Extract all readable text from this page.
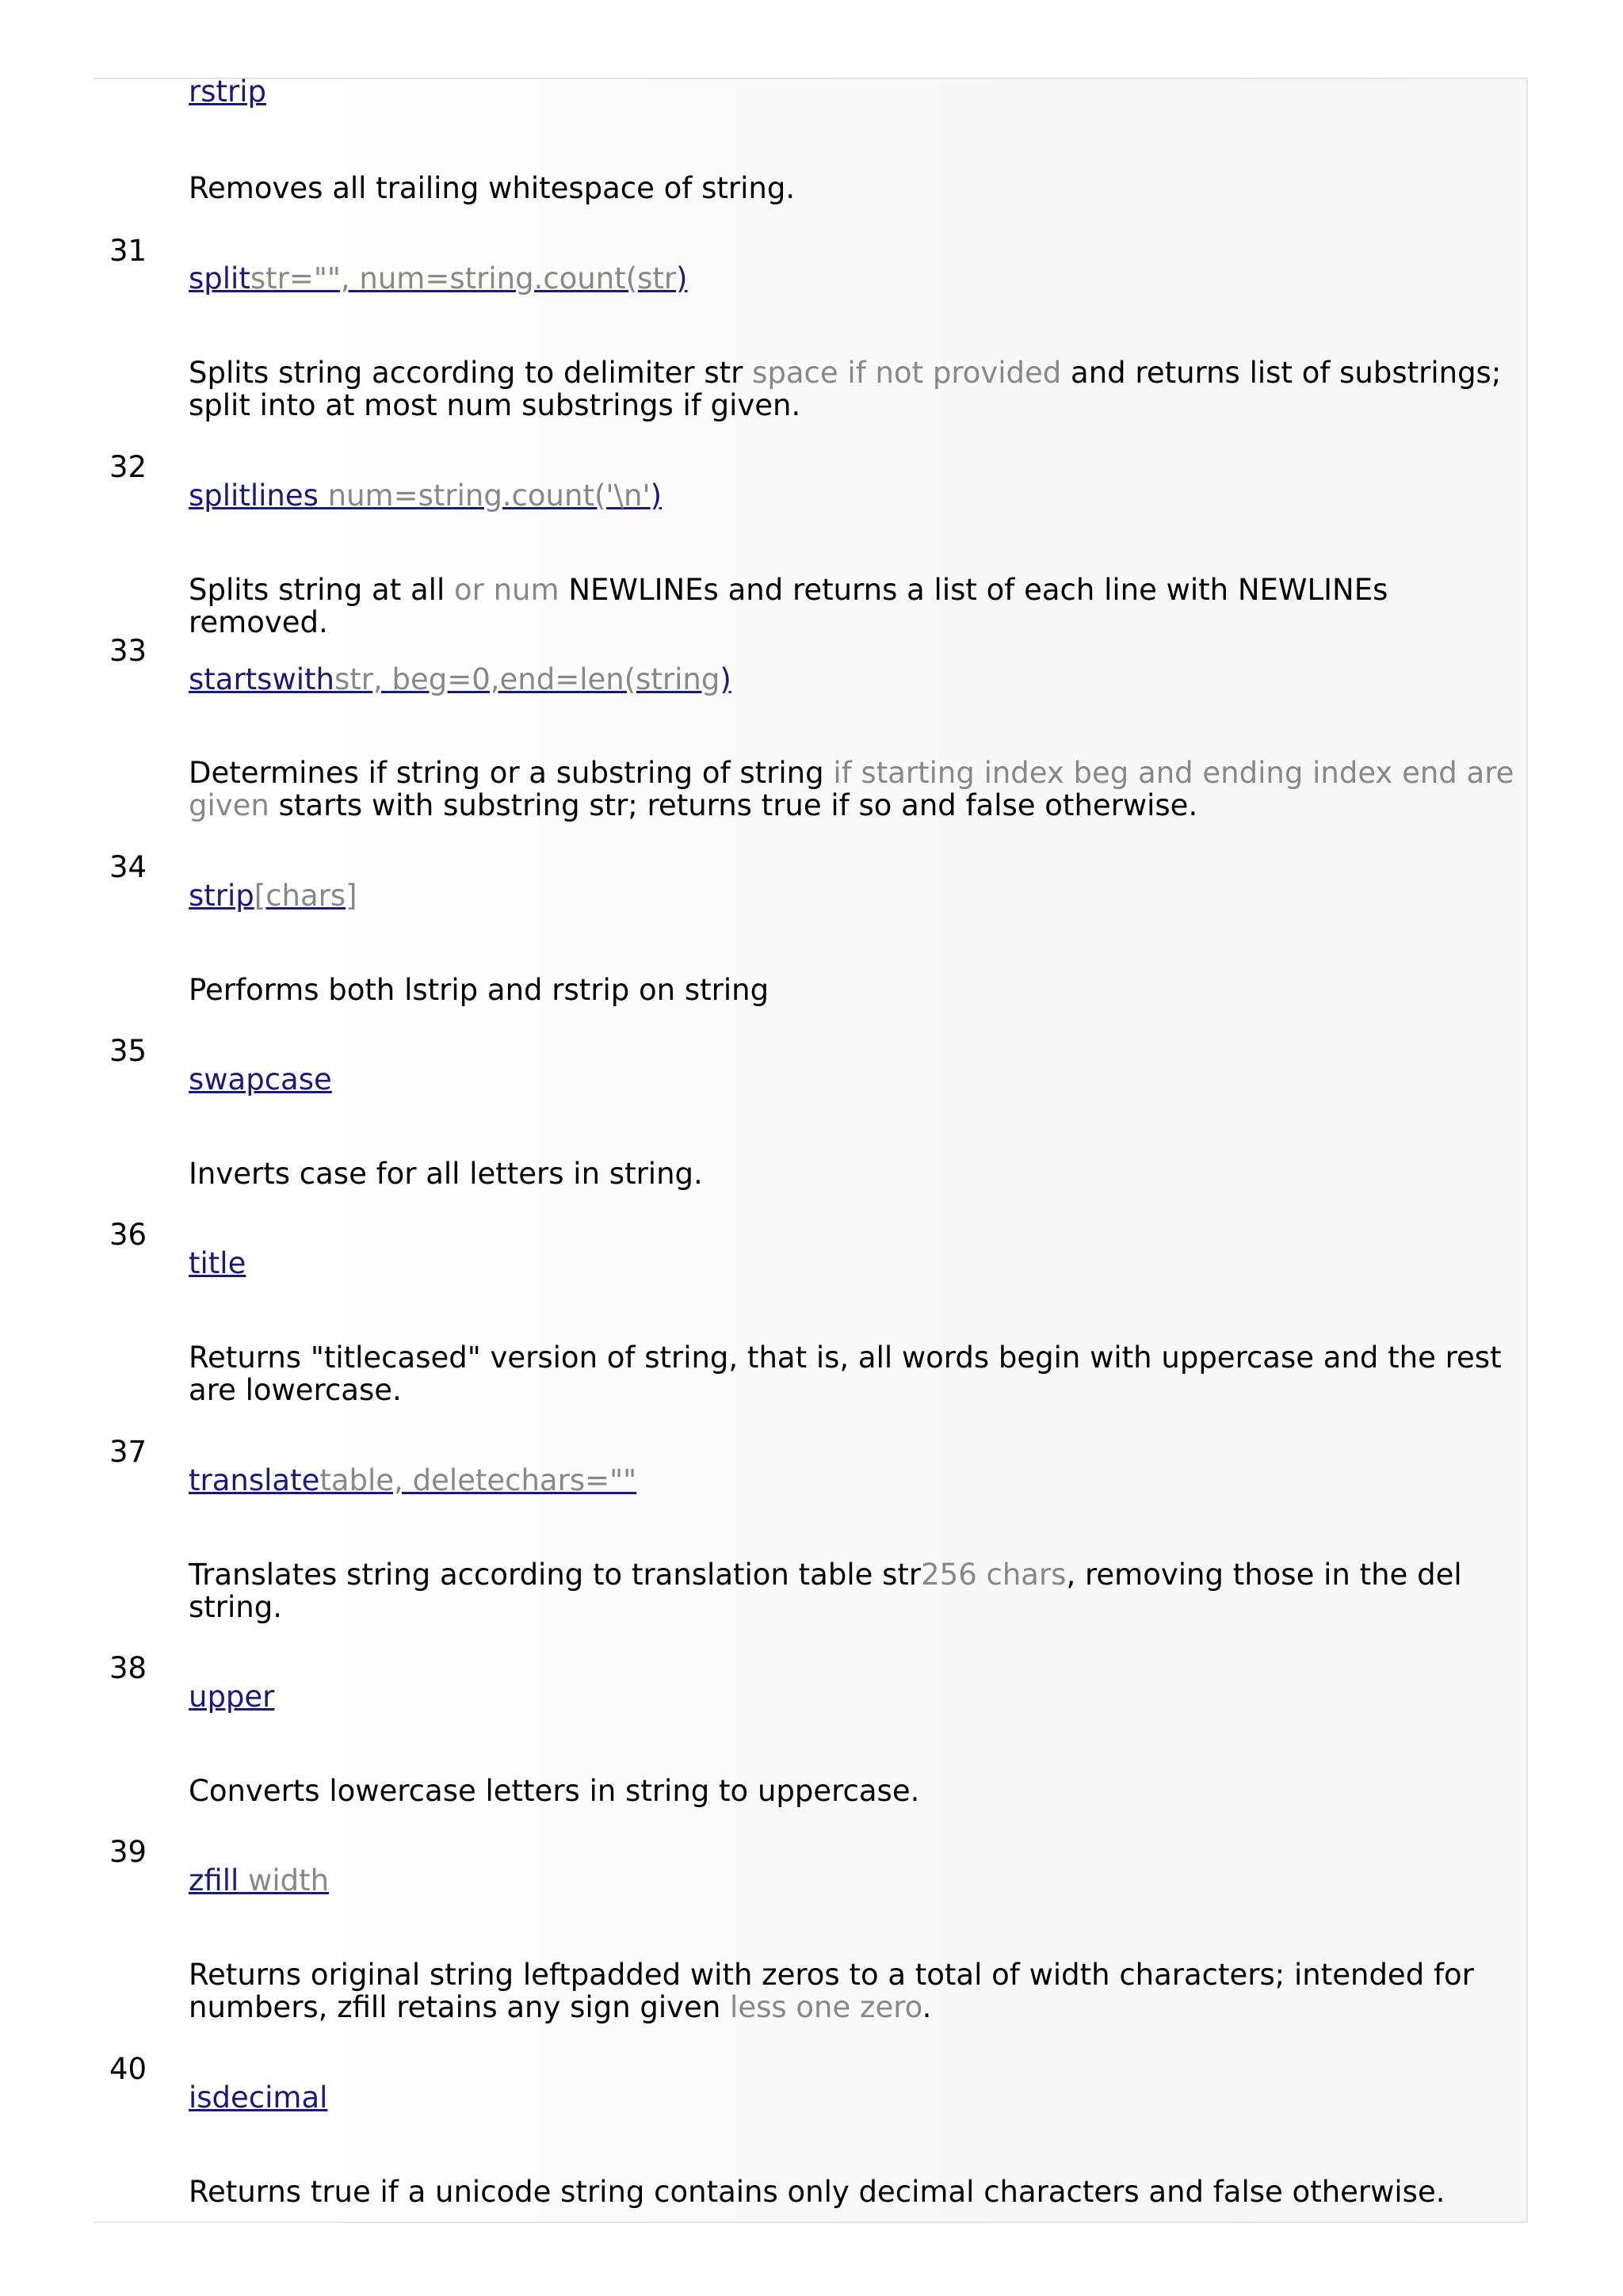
rstrip
Removes all trailing whitespace of string.
31
splitstr="", num=string.count(str)
Splits string according to delimiter str space if not provided and returns list of substrings; split into at most num substrings if given.
32
splitlines num=string.count('\n')
Splits string at all or num NEWLINEs and returns a list of each line with NEWLINEs removed.
33
startswithstr, beg=0,end=len(string)
Determines if string or a substring of string if starting index beg and ending index end are given starts with substring str; returns true if so and false otherwise.
34
strip[chars]
Performs both lstrip and rstrip on string
35
swapcase
Inverts case for all letters in string.
36
title
Returns "titlecased" version of string, that is, all words begin with uppercase and the rest are lowercase.
37
translatetable, deletechars=""
Translates string according to translation table str256 chars, removing those in the del string.
38
upper
Converts lowercase letters in string to uppercase.
39
zfill width
Returns original string leftpadded with zeros to a total of width characters; intended for numbers, zfill retains any sign given less one zero.
40
isdecimal
Returns true if a unicode string contains only decimal characters and false otherwise.
